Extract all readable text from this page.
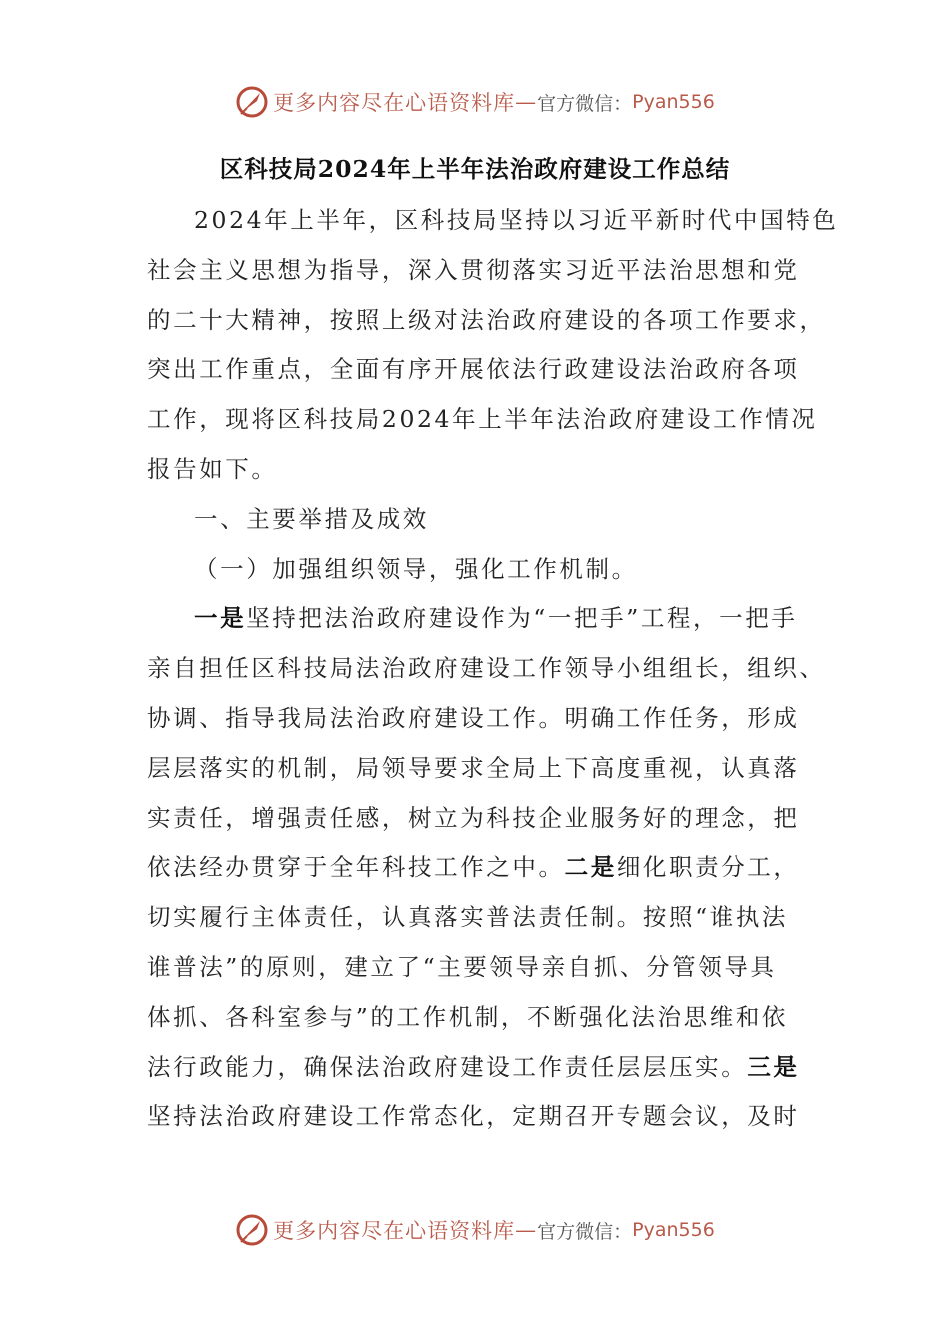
更多内容尽在心语资料库 — 官方微信： Pyan556
区科技局2024年上半年法治政府建设工作总结
2024年上半年，区科技局坚持以习近平新时代中国特色
社会主义思想为指导，深入贯彻落实习近平法治思想和党
的二十大精神，按照上级对法治政府建设的各项工作要求，
突出工作重点，全面有序开展依法行政建设法治政府各项
工作，现将区科技局2024年上半年法治政府建设工作情况
报告如下。
一、主要举措及成效
（一）加强组织领导，强化工作机制。
一是坚持把法治政府建设作为“一把手”工程，一把手
亲自担任区科技局法治政府建设工作领导小组组长，组织、
协调、指导我局法治政府建设工作。明确工作任务，形成
层层落实的机制，局领导要求全局上下高度重视，认真落
实责任，增强责任感，树立为科技企业服务好的理念，把
依法经办贯穿于全年科技工作之中。二是细化职责分工，
切实履行主体责任，认真落实普法责任制。按照“谁执法
谁普法”的原则，建立了“主要领导亲自抓、分管领导具
体抓、各科室参与”的工作机制，不断强化法治思维和依
法行政能力，确保法治政府建设工作责任层层压实。三是
坚持法治政府建设工作常态化，定期召开专题会议，及时
更多内容尽在心语资料库 — 官方微信： Pyan556
